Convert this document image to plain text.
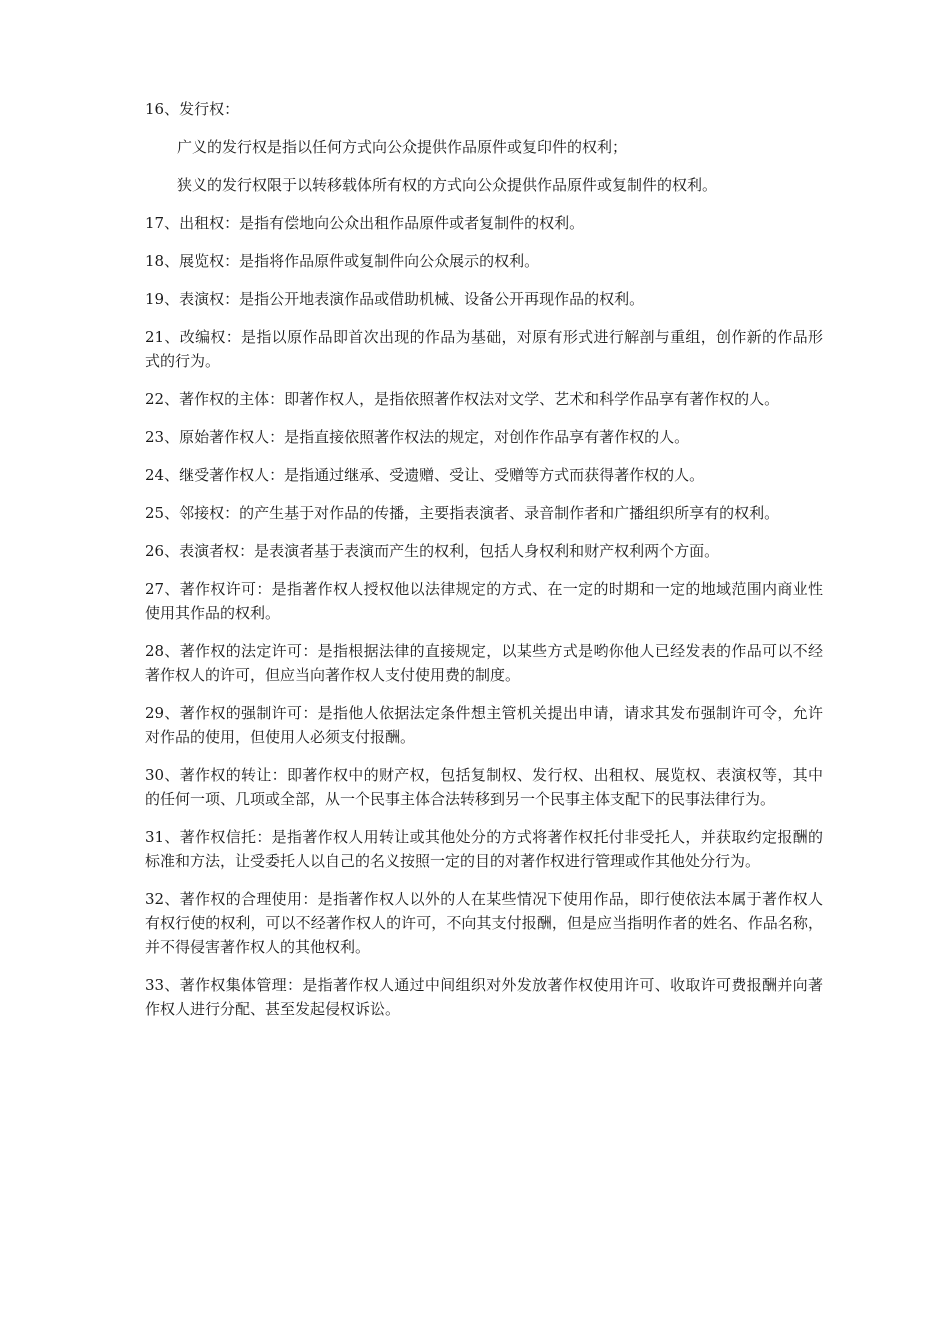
16、发行权：
广义的发行权是指以任何方式向公众提供作品原件或复印件的权利；
狭义的发行权限于以转移载体所有权的方式向公众提供作品原件或复制件的权利。
17、出租权：是指有偿地向公众出租作品原件或者复制件的权利。
18、展览权：是指将作品原件或复制件向公众展示的权利。
19、表演权：是指公开地表演作品或借助机械、设备公开再现作品的权利。
21、改编权：是指以原作品即首次出现的作品为基础，对原有形式进行解剖与重组，创作新的作品形式的行为。
22、著作权的主体：即著作权人，是指依照著作权法对文学、艺术和科学作品享有著作权的人。
23、原始著作权人：是指直接依照著作权法的规定，对创作作品享有著作权的人。
24、继受著作权人：是指通过继承、受遗赠、受让、受赠等方式而获得著作权的人。
25、邻接权：的产生基于对作品的传播，主要指表演者、录音制作者和广播组织所享有的权利。
26、表演者权：是表演者基于表演而产生的权利，包括人身权利和财产权利两个方面。
27、著作权许可：是指著作权人授权他以法律规定的方式、在一定的时期和一定的地域范围内商业性使用其作品的权利。
28、著作权的法定许可：是指根据法律的直接规定，以某些方式是哟你他人已经发表的作品可以不经著作权人的许可，但应当向著作权人支付使用费的制度。
29、著作权的强制许可：是指他人依据法定条件想主管机关提出申请，请求其发布强制许可令，允许对作品的使用，但使用人必须支付报酬。
30、著作权的转让：即著作权中的财产权，包括复制权、发行权、出租权、展览权、表演权等，其中的任何一项、几项或全部，从一个民事主体合法转移到另一个民事主体支配下的民事法律行为。
31、著作权信托：是指著作权人用转让或其他处分的方式将著作权托付非受托人，并获取约定报酬的标准和方法，让受委托人以自己的名义按照一定的目的对著作权进行管理或作其他处分行为。
32、著作权的合理使用：是指著作权人以外的人在某些情况下使用作品，即行使依法本属于著作权人有权行使的权利，可以不经著作权人的许可，不向其支付报酬，但是应当指明作者的姓名、作品名称，并不得侵害著作权人的其他权利。
33、著作权集体管理：是指著作权人通过中间组织对外发放著作权使用许可、收取许可费报酬并向著作权人进行分配、甚至发起侵权诉讼。
